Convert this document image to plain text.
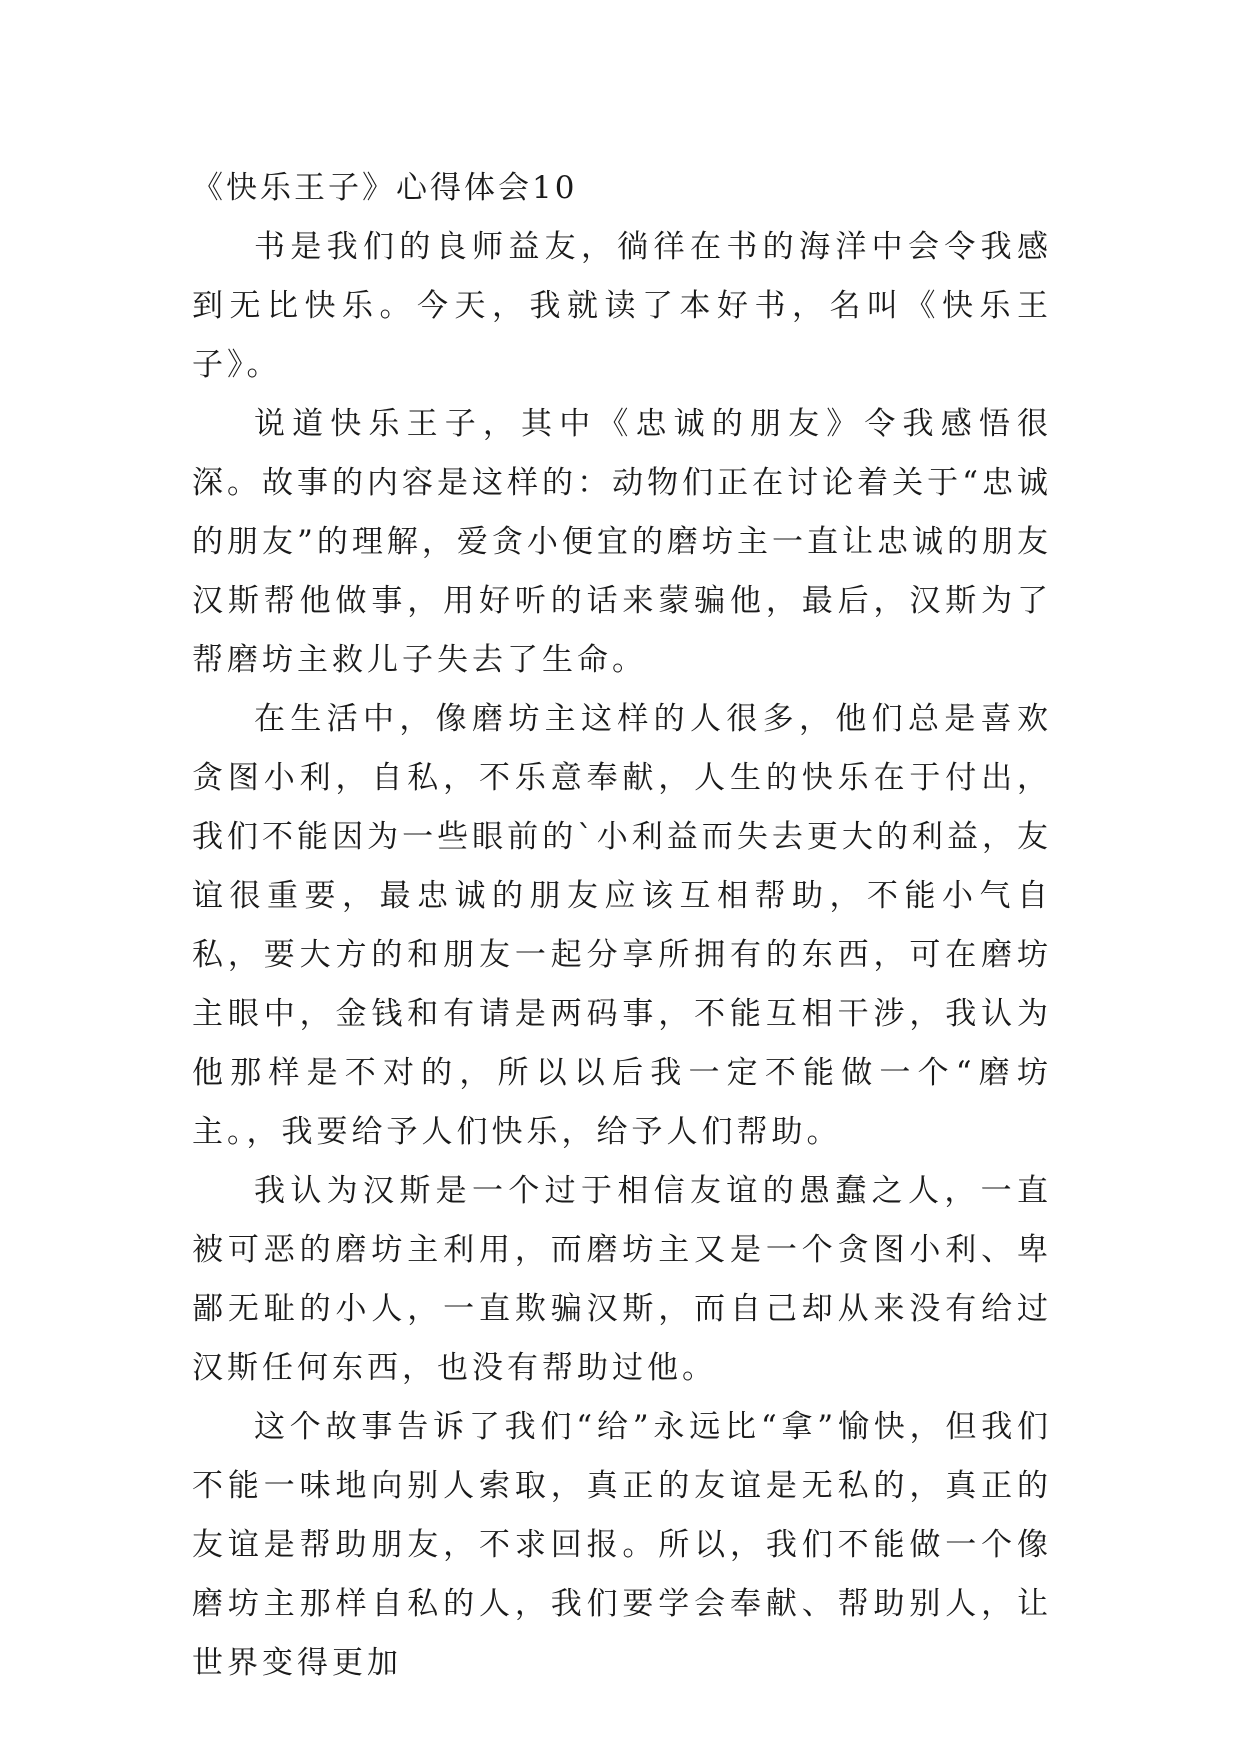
《快乐王子》心得体会10

书是我们的良师益友，徜徉在书的海洋中会令我感到无比快乐。今天，我就读了本好书，名叫《快乐王子》。

说道快乐王子，其中《忠诚的朋友》令我感悟很深。故事的内容是这样的：动物们正在讨论着关于“忠诚的朋友”的理解，爱贪小便宜的磨坊主一直让忠诚的朋友汉斯帮他做事，用好听的话来蒙骗他，最后，汉斯为了帮磨坊主救儿子失去了生命。

在生活中，像磨坊主这样的人很多，他们总是喜欢贪图小利，自私，不乐意奉献，人生的快乐在于付出，我们不能因为一些眼前的`小利益而失去更大的利益，友谊很重要，最忠诚的朋友应该互相帮助，不能小气自私，要大方的和朋友一起分享所拥有的东西，可在磨坊主眼中，金钱和有请是两码事，不能互相干涉，我认为他那样是不对的，所以以后我一定不能做一个“磨坊主。，我要给予人们快乐，给予人们帮助。

我认为汉斯是一个过于相信友谊的愚蠢之人，一直被可恶的磨坊主利用，而磨坊主又是一个贪图小利、卑鄙无耻的小人，一直欺骗汉斯，而自己却从来没有给过汉斯任何东西，也没有帮助过他。

这个故事告诉了我们“给”永远比“拿”愉快，但我们不能一味地向别人索取，真正的友谊是无私的，真正的友谊是帮助朋友，不求回报。所以，我们不能做一个像磨坊主那样自私的人，我们要学会奉献、帮助别人，让世界变得更加
